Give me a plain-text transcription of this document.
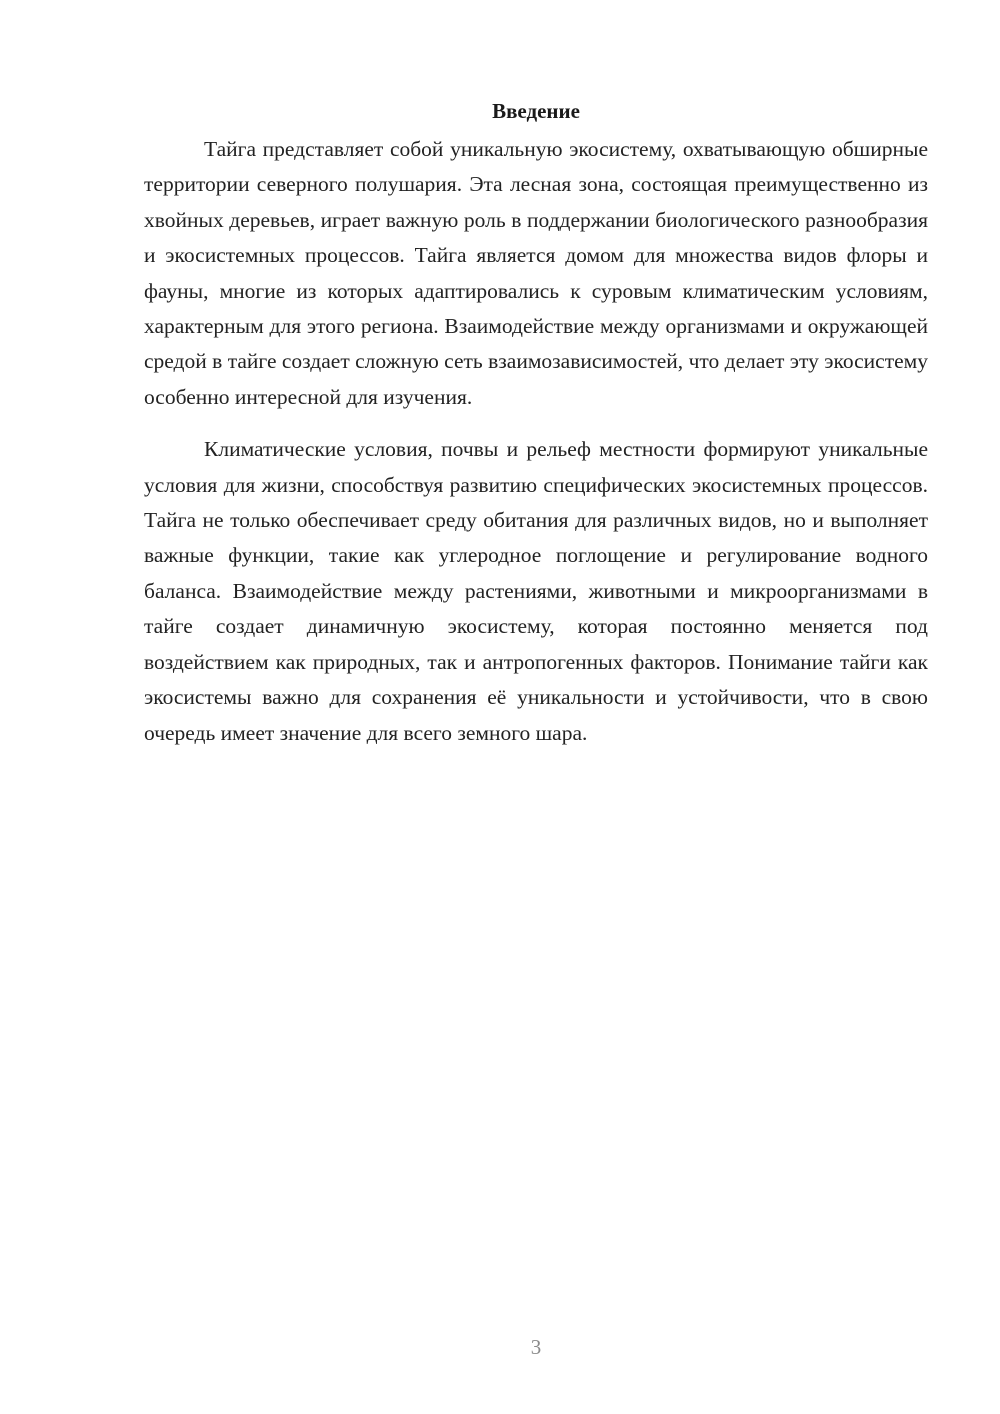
Введение

Тайга представляет собой уникальную экосистему, охватывающую обширные территории северного полушария. Эта лесная зона, состоящая преимущественно из хвойных деревьев, играет важную роль в поддержании биологического разнообразия и экосистемных процессов. Тайга является домом для множества видов флоры и фауны, многие из которых адаптировались к суровым климатическим условиям, характерным для этого региона. Взаимодействие между организмами и окружающей средой в тайге создает сложную сеть взаимозависимостей, что делает эту экосистему особенно интересной для изучения.

Климатические условия, почвы и рельеф местности формируют уникальные условия для жизни, способствуя развитию специфических экосистемных процессов. Тайга не только обеспечивает среду обитания для различных видов, но и выполняет важные функции, такие как углеродное поглощение и регулирование водного баланса. Взаимодействие между растениями, животными и микроорганизмами в тайге создает динамичную экосистему, которая постоянно меняется под воздействием как природных, так и антропогенных факторов. Понимание тайги как экосистемы важно для сохранения её уникальности и устойчивости, что в свою очередь имеет значение для всего земного шара.

3
